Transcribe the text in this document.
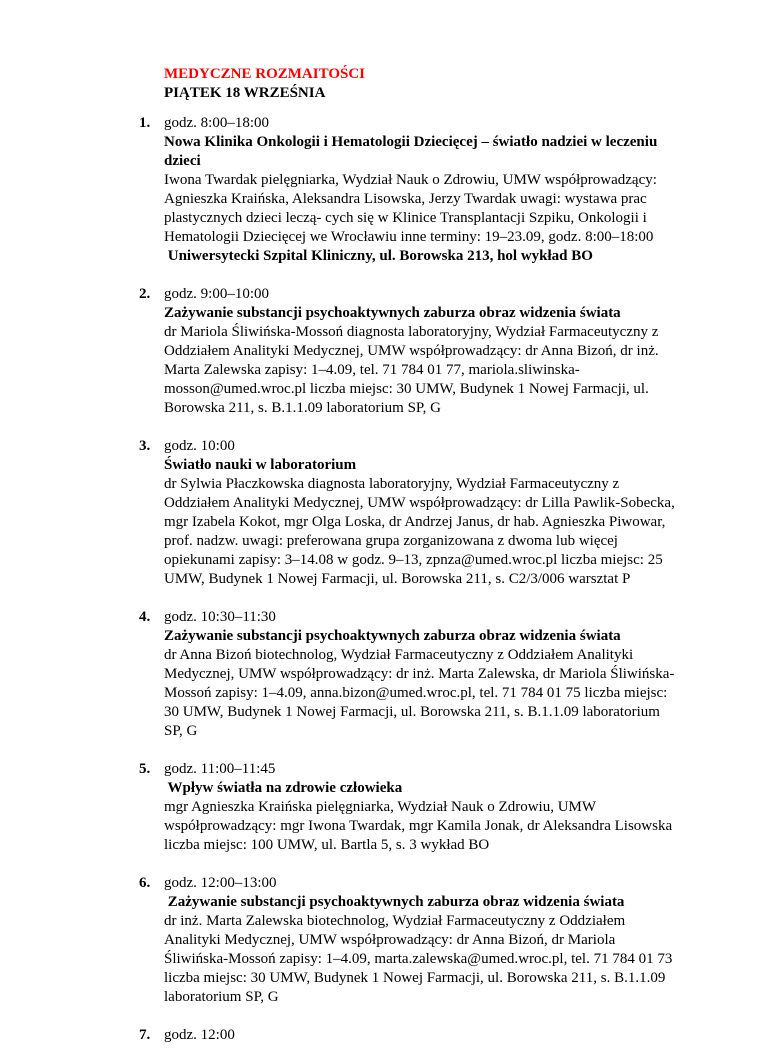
MEDYCZNE ROZMAITOŚCI
PIĄTEK 18 WRZEŚNIA
1. godz. 8:00–18:00
Nowa Klinika Onkologii i Hematologii Dziecięcej – światło nadziei w leczeniu
dzieci
Iwona Twardak pielęgniarka, Wydział Nauk o Zdrowiu, UMW współprowadzący:
Agnieszka Kraińska, Aleksandra Lisowska, Jerzy Twardak uwagi: wystawa prac
plastycznych dzieci leczą- cych się w Klinice Transplantacji Szpiku, Onkologii i
Hematologii Dziecięcej we Wrocławiu inne terminy: 19–23.09, godz. 8:00–18:00
Uniwersytecki Szpital Kliniczny, ul. Borowska 213, hol wykład BO
2. godz. 9:00–10:00
Zażywanie substancji psychoaktywnych zaburza obraz widzenia świata
dr Mariola Śliwińska-Mossoń diagnosta laboratoryjny, Wydział Farmaceutyczny z
Oddziałem Analityki Medycznej, UMW współprowadzący: dr Anna Bizoń, dr inż.
Marta Zalewska zapisy: 1–4.09, tel. 71 784 01 77, mariola.sliwinska-
mosson@umed.wroc.pl liczba miejsc: 30 UMW, Budynek 1 Nowej Farmacji, ul.
Borowska 211, s. B.1.1.09 laboratorium SP, G
3. godz. 10:00
Światło nauki w laboratorium
dr Sylwia Płaczkowska diagnosta laboratoryjny, Wydział Farmaceutyczny z
Oddziałem Analityki Medycznej, UMW współprowadzący: dr Lilla Pawlik-Sobecka,
mgr Izabela Kokot, mgr Olga Loska, dr Andrzej Janus, dr hab. Agnieszka Piwowar,
prof. nadzw. uwagi: preferowana grupa zorganizowana z dwoma lub więcej
opiekunami zapisy: 3–14.08 w godz. 9–13, zpnza@umed.wroc.pl liczba miejsc: 25
UMW, Budynek 1 Nowej Farmacji, ul. Borowska 211, s. C2/3/006 warsztat P
4. godz. 10:30–11:30
Zażywanie substancji psychoaktywnych zaburza obraz widzenia świata
dr Anna Bizoń biotechnolog, Wydział Farmaceutyczny z Oddziałem Analityki
Medycznej, UMW współprowadzący: dr inż. Marta Zalewska, dr Mariola Śliwińska-
Mossoń zapisy: 1–4.09, anna.bizon@umed.wroc.pl, tel. 71 784 01 75 liczba miejsc:
30 UMW, Budynek 1 Nowej Farmacji, ul. Borowska 211, s. B.1.1.09 laboratorium
SP, G
5. godz. 11:00–11:45
Wpływ światła na zdrowie człowieka
mgr Agnieszka Kraińska pielęgniarka, Wydział Nauk o Zdrowiu, UMW
współprowadzący: mgr Iwona Twardak, mgr Kamila Jonak, dr Aleksandra Lisowska
liczba miejsc: 100 UMW, ul. Bartla 5, s. 3 wykład BO
6. godz. 12:00–13:00
Zażywanie substancji psychoaktywnych zaburza obraz widzenia świata
dr inż. Marta Zalewska biotechnolog, Wydział Farmaceutyczny z Oddziałem
Analityki Medycznej, UMW współprowadzący: dr Anna Bizoń, dr Mariola
Śliwińska-Mossoń zapisy: 1–4.09, marta.zalewska@umed.wroc.pl, tel. 71 784 01 73
liczba miejsc: 30 UMW, Budynek 1 Nowej Farmacji, ul. Borowska 211, s. B.1.1.09
laboratorium SP, G
7. godz. 12:00
